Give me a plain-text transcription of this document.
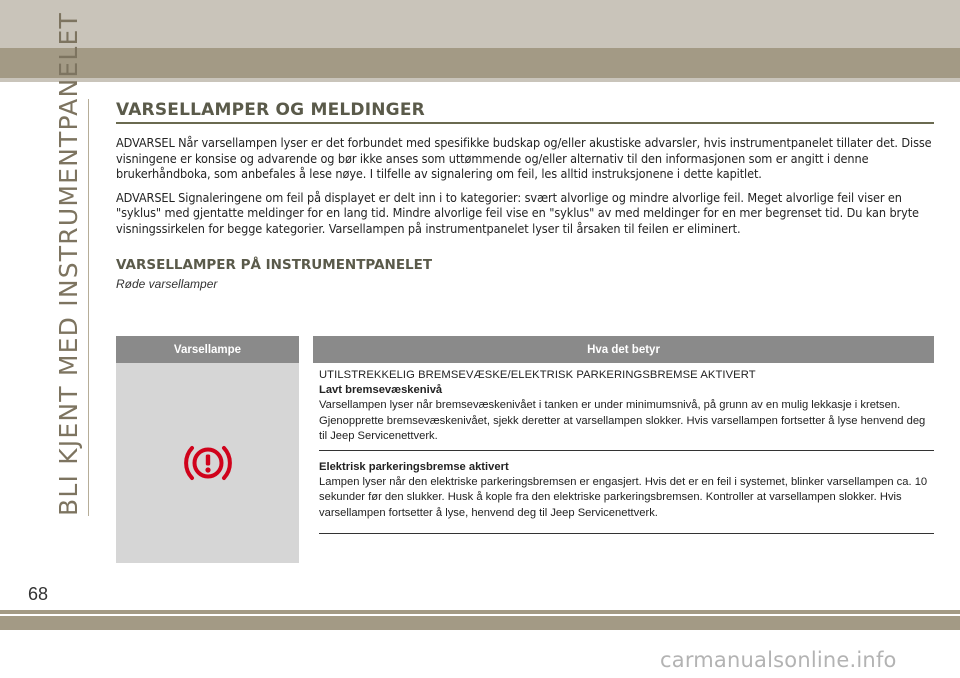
BLI KJENT MED INSTRUMENTPANELET VARSELLAMPER OG MELDINGER

ADVARSEL Når varsellampen lyser er det forbundet med spesifikke budskap og/eller akustiske advarsler, hvis instrumentpanelet tillater det. Disse visningene er konsise og advarende og bør ikke anses som uttømmende og/eller alternativ til den informasjonen som er angitt i denne brukerhåndboka, som anbefales å lese nøye. I tilfelle av signalering om feil, les alltid instruksjonene i dette kapitlet.

ADVARSEL Signaleringene om feil på displayet er delt inn i to kategorier: svært alvorlige og mindre alvorlige feil. Meget alvorlige feil viser en "syklus" med gjentatte meldinger for en lang tid. Mindre alvorlige feil vise en "syklus" av med meldinger for en mer begrenset tid. Du kan bryte visningssirkelen for begge kategorier. Varsellampen på instrumentpanelet lyser til årsaken til feilen er eliminert.

VARSELLAMPER PÅ INSTRUMENTPANELET

Røde varsellamper

Varsellampe	Hva det betyr
UTILSTREKKELIG BREMSEVÆSKE/ELEKTRISK PARKERINGSBREMSE AKTIVERT
Lavt bremsevæskenivå
Varsellampen lyser når bremsevæskenivået i tanken er under minimumsnivå, på grunn av en mulig lekkasje i kretsen. Gjenopprette bremsevæskenivået, sjekk deretter at varsellampen slokker. Hvis varsellampen fortsetter å lyse henvend deg til Jeep Servicenettverk.
Elektrisk parkeringsbremse aktivert
Lampen lyser når den elektriske parkeringsbremsen er engasjert. Hvis det er en feil i systemet, blinker varsellampen ca. 10 sekunder før den slukker. Husk å kople fra den elektriske parkeringsbremsen. Kontroller at varsellampen slokker. Hvis varsellampen fortsetter å lyse, henvend deg til Jeep Servicenettverk.
68
carmanualsonline.info
